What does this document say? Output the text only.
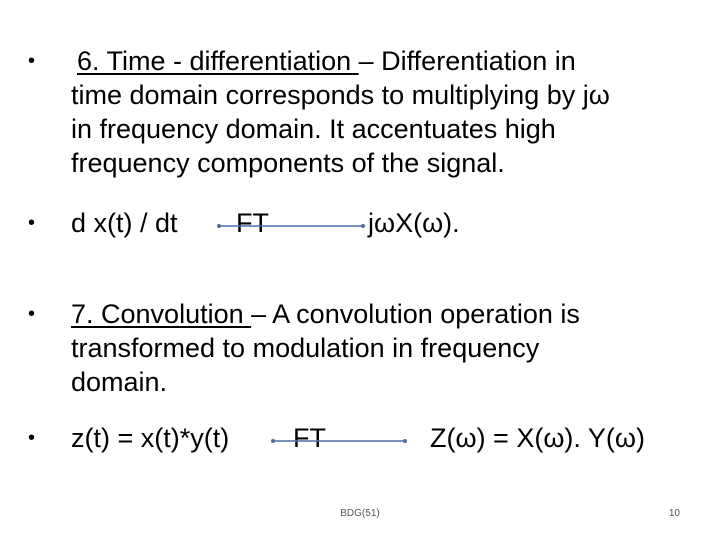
• 6. Time - differentiation – Differentiation in
time domain corresponds to multiplying by jω
in frequency domain. It accentuates high
frequency components of the signal.
• d x(t) / dt FT	jωX(ω).
• 7. Convolution – A convolution operation is
transformed to modulation in frequency
domain.
• z(t) = x(t)*y(t) FT	Z(ω) = X(ω). Y(ω)
BDG(51)	10
